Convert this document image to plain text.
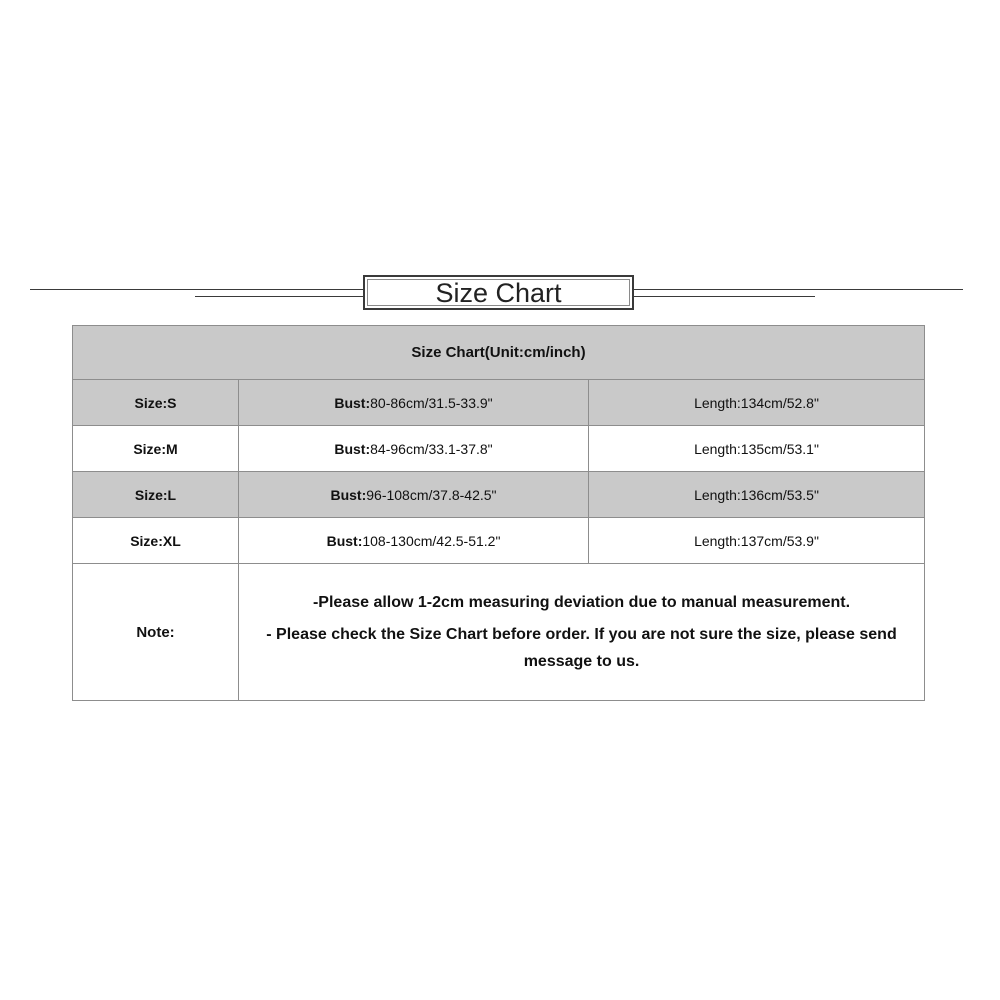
Size Chart
Size Chart(Unit:cm/inch)		
Size:S	Bust:80-86cm/31.5-33.9"	Length:134cm/52.8"
Size:M	Bust:84-96cm/33.1-37.8"	Length:135cm/53.1"
Size:L	Bust:96-108cm/37.8-42.5"	Length:136cm/53.5"
Size:XL	Bust:108-130cm/42.5-51.2"	Length:137cm/53.9"
Note:	-Please allow 1-2cm measuring deviation due to manual measurement.
- Please check the Size Chart before order. If you are not sure the size, please send message to us.	
